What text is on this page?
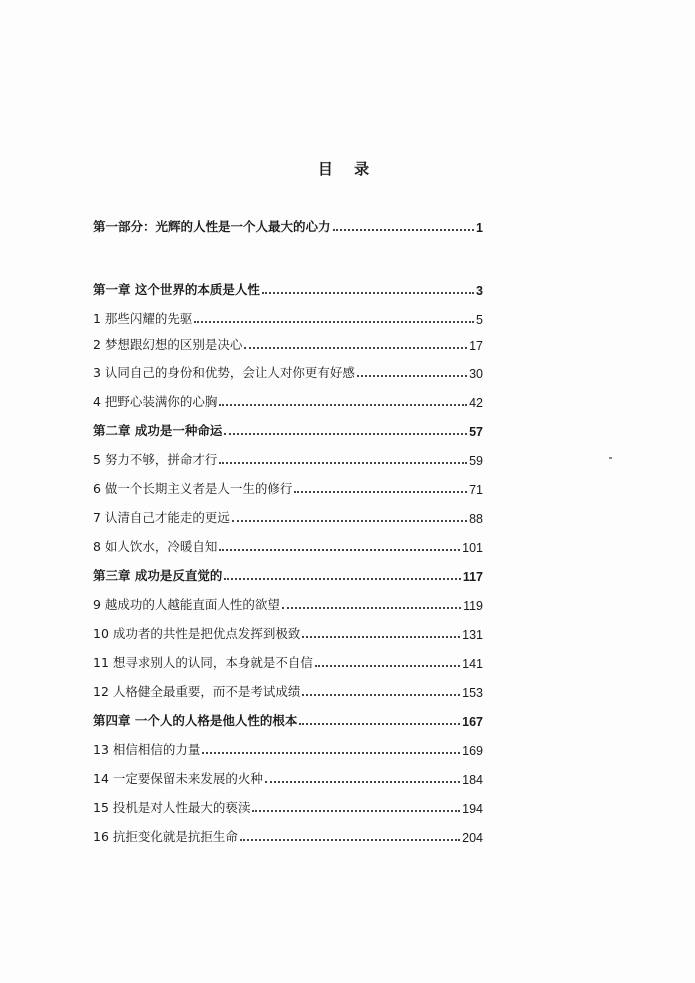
目 录
第一部分：光辉的人性是一个人最大的心力	1
第一章 这个世界的本质是人性	3
1 那些闪耀的先驱	5
2 梦想跟幻想的区别是决心	17
3 认同自己的身份和优势，会让人对你更有好感	30
4 把野心装满你的心胸	42
第二章 成功是一种命运	57
5 努力不够，拼命才行	59
6 做一个长期主义者是人一生的修行	71
7 认清自己才能走的更远	88
8 如人饮水，冷暖自知	101
第三章 成功是反直觉的	117
9 越成功的人越能直面人性的欲望	119
10 成功者的共性是把优点发挥到极致	131
11 想寻求别人的认同，本身就是不自信	141
12 人格健全最重要，而不是考试成绩	153
第四章 一个人的人格是他人性的根本	167
13 相信相信的力量	169
14 一定要保留未来发展的火种	184
15 投机是对人性最大的亵渎	194
16 抗拒变化就是抗拒生命	204
